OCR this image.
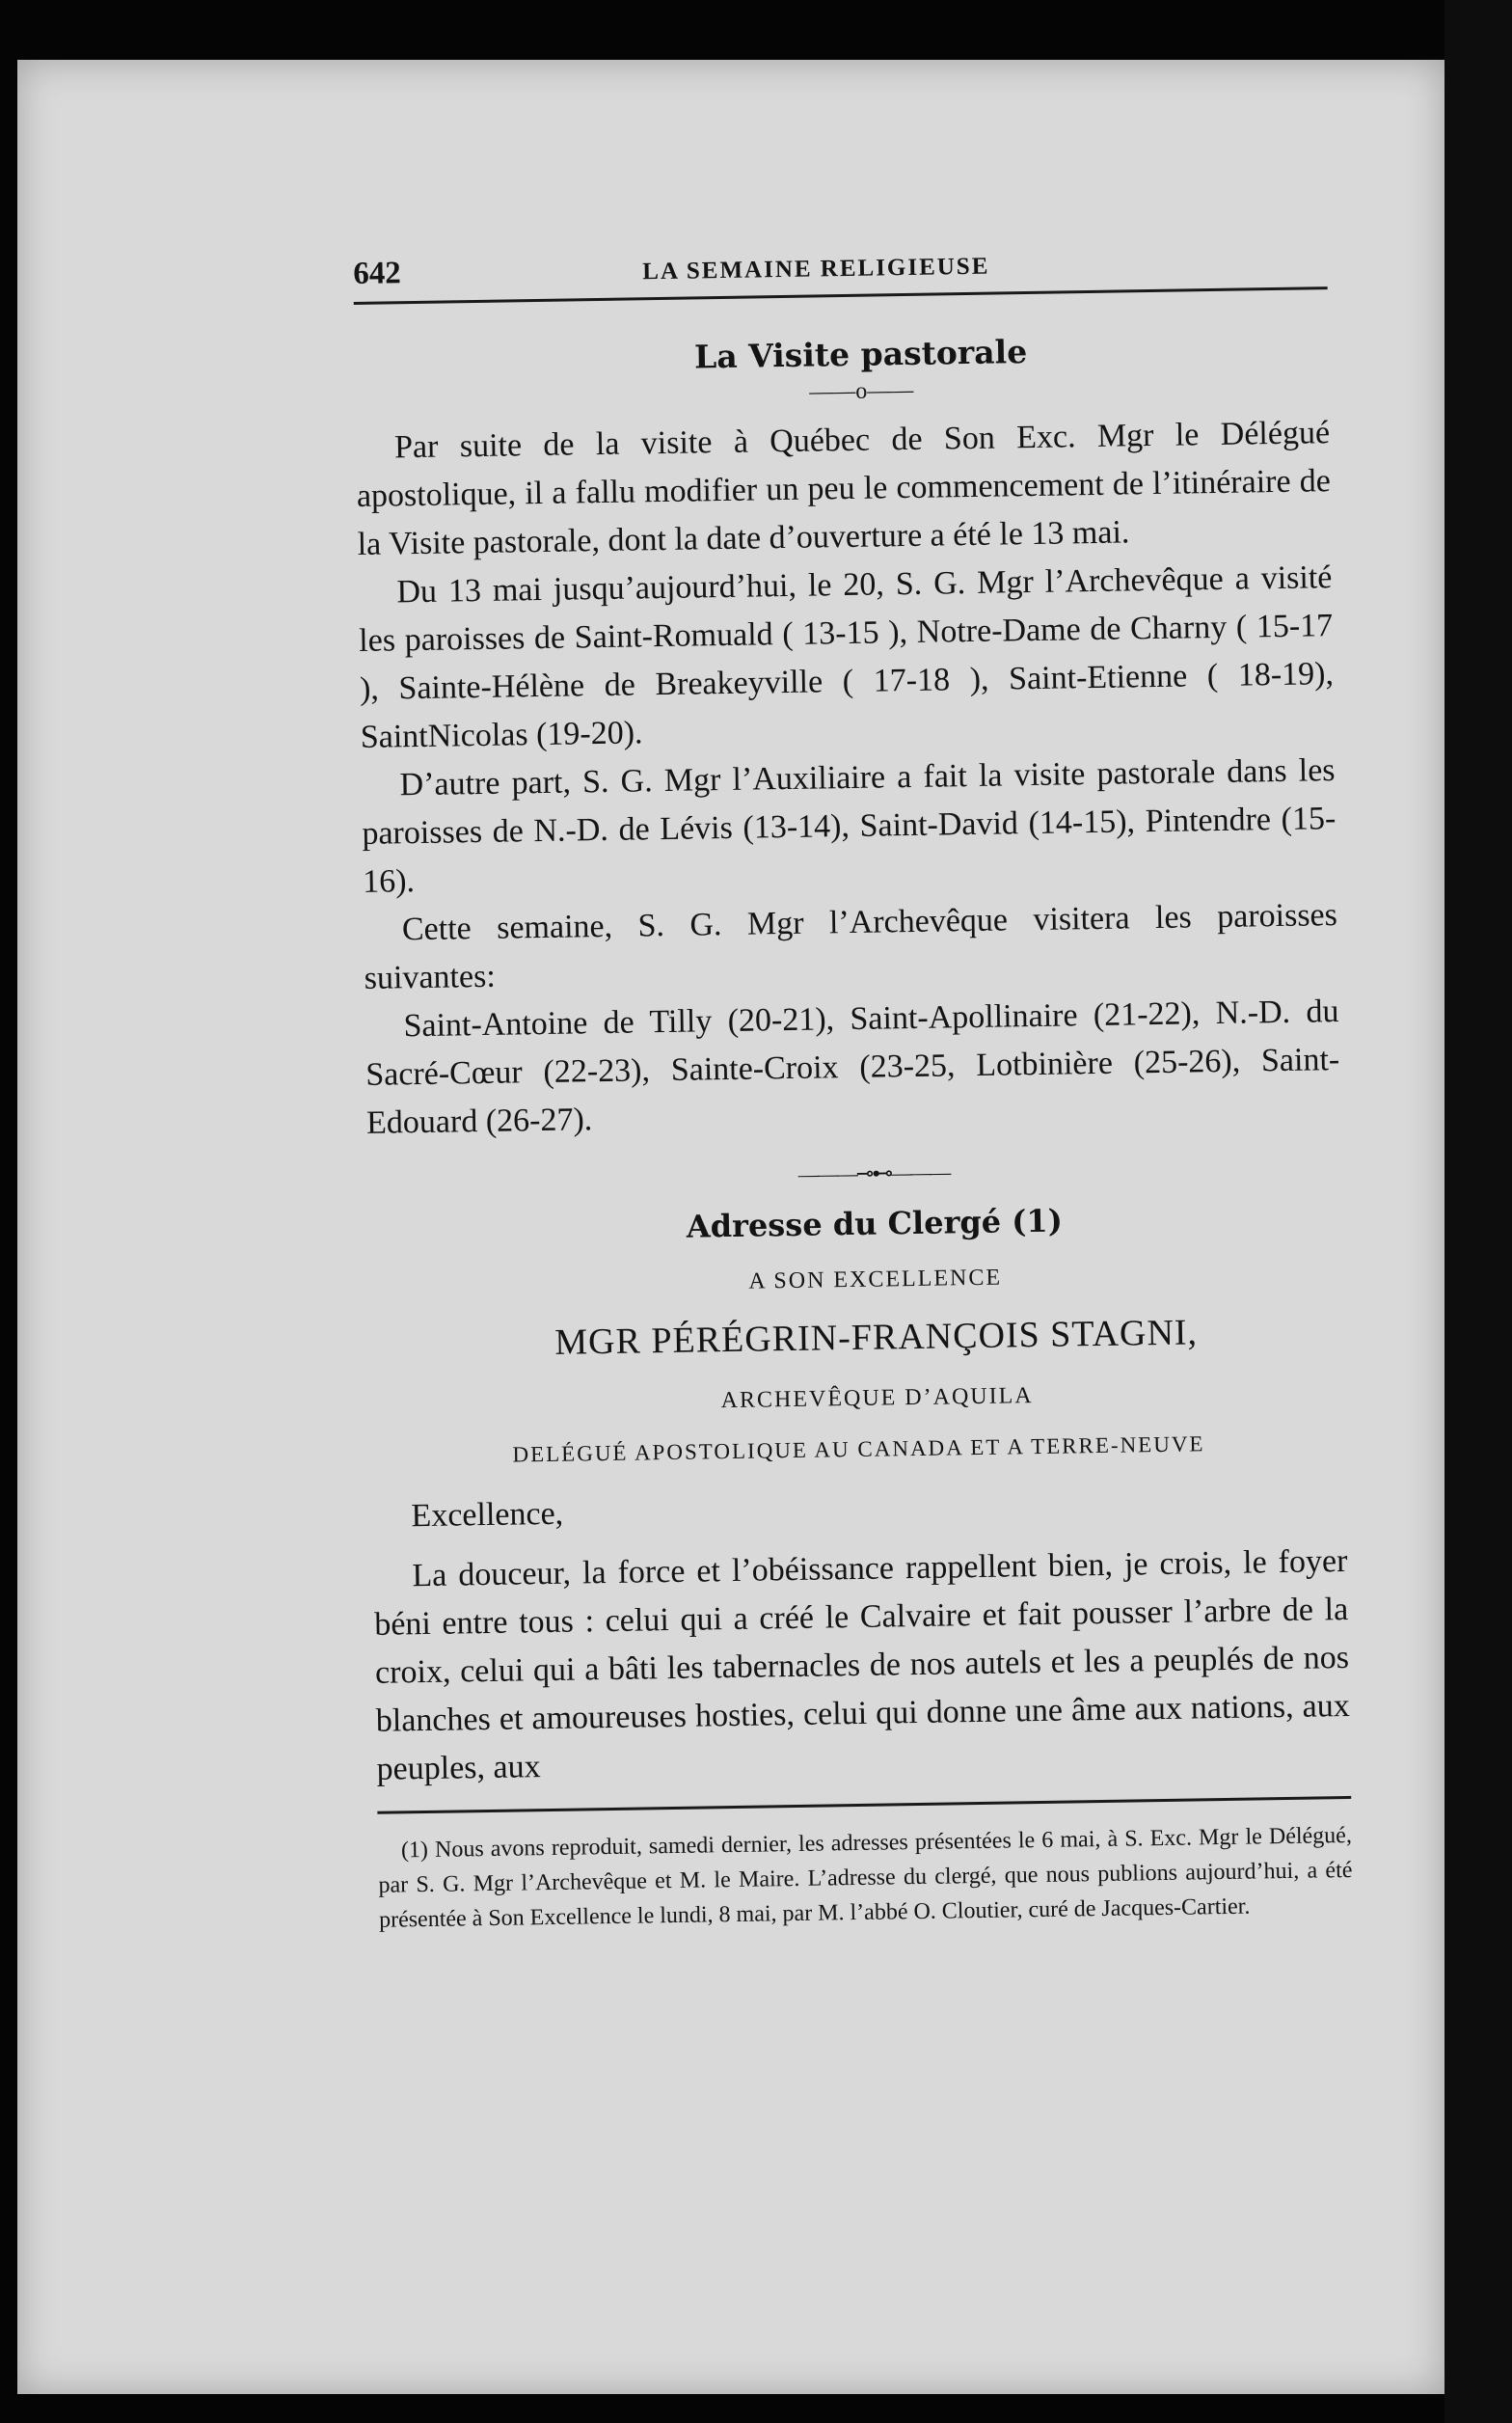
642	LA SEMAINE RELIGIEUSE
La Visite pastorale
——o——

Par suite de la visite à Québec de Son Exc. Mgr le Délégué apostolique, il a fallu modifier un peu le commencement de l’itinéraire de la Visite pastorale, dont la date d’ouverture a été le 13 mai.

Du 13 mai jusqu’aujourd’hui, le 20, S. G. Mgr l’Archevêque a visité les paroisses de Saint-Romuald ( 13-15 ), Notre-Dame de Charny ( 15-17 ), Sainte-Hélène de Breakeyville ( 17-18 ), Saint-Etienne ( 18-19), SaintNicolas (19-20).

D’autre part, S. G. Mgr l’Auxiliaire a fait la visite pastorale dans les paroisses de N.-D. de Lévis (13-14), Saint-David (14-15), Pintendre (15-16).

Cette semaine, S. G. Mgr l’Archevêque visitera les paroisses suivantes:

Saint-Antoine de Tilly (20-21), Saint-Apollinaire (21-22), N.-D. du Sacré-Cœur (22-23), Sainte-Croix (23-25, Lotbinière (25-26), Saint-Edouard (26-27).

———⊸⊷———
Adresse du Clergé (1)
A SON EXCELLENCE
MGR PÉRÉGRIN-FRANÇOIS STAGNI,
ARCHEVÊQUE D’AQUILA
DELÉGUÉ APOSTOLIQUE AU CANADA ET A TERRE-NEUVE
Excellence,

La douceur, la force et l’obéissance rappellent bien, je crois, le foyer béni entre tous : celui qui a créé le Calvaire et fait pousser l’arbre de la croix, celui qui a bâti les tabernacles de nos autels et les a peuplés de nos blanches et amoureuses hosties, celui qui donne une âme aux nations, aux peuples, aux

(1) Nous avons reproduit, samedi dernier, les adresses présentées le 6 mai, à S. Exc. Mgr le Délégué, par S. G. Mgr l’Archevêque et M. le Maire. L’adresse du clergé, que nous publions aujourd’hui, a été présentée à Son Excellence le lundi, 8 mai, par M. l’abbé O. Cloutier, curé de Jacques-Cartier.
